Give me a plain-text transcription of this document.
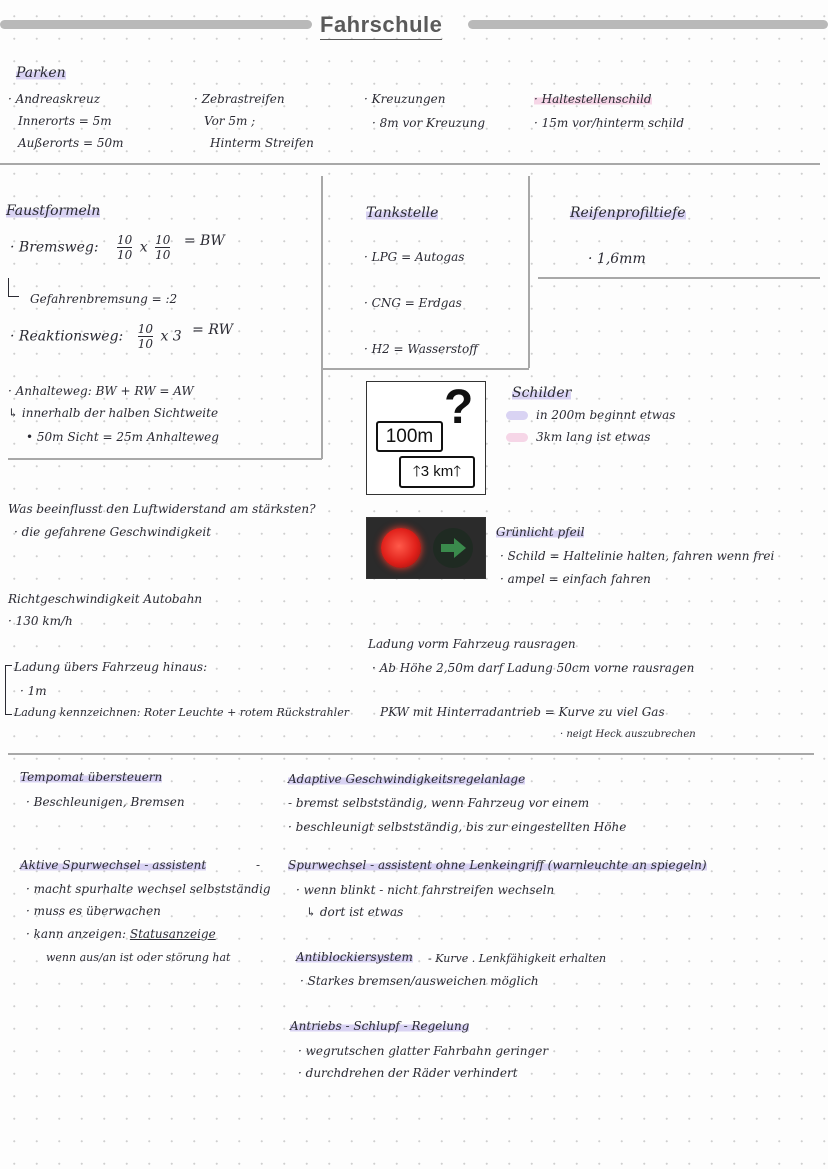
Fahrschule
Parken
· Andreaskreuz
Innerorts = 5m
Außerorts = 50m
· Zebrastreifen
Vor 5m ;
Hinterm Streifen
· Kreuzungen
· 8m vor Kreuzung
· Haltestellenschild
· 15m vor/hinterm schild
Faustformeln
· Bremsweg: $\frac{10}{10}$ x $\frac{10}{10}$ = BW
Gefahrenbremsung = :2
· Reaktionsweg: $\frac{10}{10}$ x 3 = RW
· Anhalteweg: BW + RW = AW
↳ innerhalb der halben Sichtweite
• 50m Sicht = 25m Anhalteweg
Tankstelle
· LPG = Autogas
· CNG = Erdgas
· H2 = Wasserstoff
Reifenprofiltiefe
· 1,6mm
100m
?
🡑3 km🡑
Schilder
in 200m beginnt etwas
3km lang ist etwas
Was beeinflusst den Luftwiderstand am stärksten?
· die gefahrene Geschwindigkeit	Grünlicht pfeil
· Schild = Haltelinie halten, fahren wenn frei
· ampel = einfach fahren
Richtgeschwindigkeit Autobahn
· 130 km/h
Ladung vorm Fahrzeug rausragen
· Ab Höhe 2,50m darf Ladung 50cm vorne rausragen
Ladung übers Fahrzeug hinaus:
· 1m
Ladung kennzeichnen: Roter Leuchte + rotem Rückstrahler	PKW mit Hinterradantrieb = Kurve zu viel Gas
· neigt Heck auszubrechen
Tempomat übersteuern
· Beschleunigen, Bremsen
Adaptive Geschwindigkeitsregelanlage
- bremst selbstständig, wenn Fahrzeug vor einem
· beschleunigt selbstständig, bis zur eingestellten Höhe
Aktive Spurwechsel - assistent	-
· macht spurhalte wechsel selbstständig
· muss es überwachen
· kann anzeigen: Statusanzeige
wenn aus/an ist oder störung hat
Spurwechsel - assistent ohne Lenkeingriff (warnleuchte an spiegeln)
· wenn blinkt - nicht fahrstreifen wechseln
↳ dort ist etwas
Antiblockiersystem - Kurve . Lenkfähigkeit erhalten
· Starkes bremsen/ausweichen möglich
Antriebs - Schlupf - Regelung
· wegrutschen glatter Fahrbahn geringer
· durchdrehen der Räder verhindert
